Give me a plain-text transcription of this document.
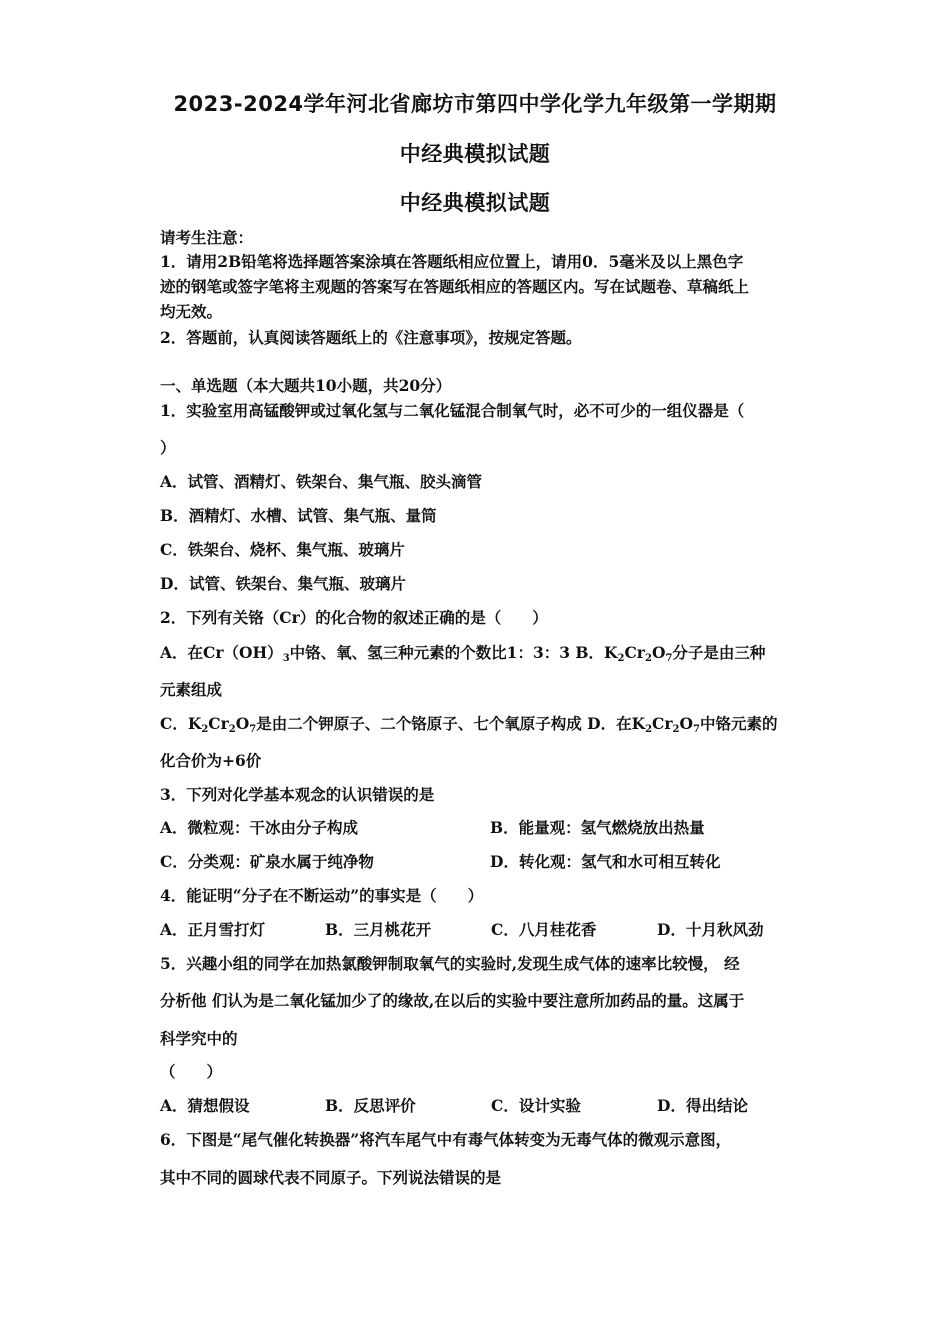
2023-2024学年河北省廊坊市第四中学化学九年级第一学期期
中经典模拟试题
中经典模拟试题
请考生注意：
1．请用2B铅笔将选择题答案涂填在答题纸相应位置上，请用0．5毫米及以上黑色字
迹的钢笔或签字笔将主观题的答案写在答题纸相应的答题区内。写在试题卷、草稿纸上
均无效。
2．答题前，认真阅读答题纸上的《注意事项》，按规定答题。
一、单选题（本大题共10小题，共20分）
1．实验室用高锰酸钾或过氧化氢与二氧化锰混合制氧气时，必不可少的一组仪器是（
）
A．试管、酒精灯、铁架台、集气瓶、胶头滴管
B．酒精灯、水槽、试管、集气瓶、量筒
C．铁架台、烧杯、集气瓶、玻璃片
D．试管、铁架台、集气瓶、玻璃片
2．下列有关铬（Cr）的化合物的叙述正确的是（　　）
A．在$Cr(OH)_3$中铬、氧、氢三种元素的个数比1：3：3 B．$K_2Cr_2O_7$分子是由三种
元素组成
C．$K_2Cr_2O_7$是由二个钾原子、二个铬原子、七个氧原子构成 D．在$K_2Cr_2O_7$中铬元素的
化合价为+6价
3．下列对化学基本观念的认识错误的是
A．微粒观：干冰由分子构成	B．能量观：氢气燃烧放出热量
C．分类观：矿泉水属于纯净物	D．转化观：氢气和水可相互转化
4．能证明“分子在不断运动”的事实是（　　）
A．正月雪打灯	B．三月桃花开	C．八月桂花香	D．十月秋风劲
5．兴趣小组的同学在加热氯酸钾制取氧气的实验时,发现生成气体的速率比较慢， 经
分析他 们认为是二氧化锰加少了的缘故,在以后的实验中要注意所加药品的量。这属于
科学究中的
（　　）
A．猜想假设	B．反思评价	C．设计实验	D．得出结论
6．下图是“尾气催化转换器”将汽车尾气中有毒气体转变为无毒气体的微观示意图，
其中不同的圆球代表不同原子。下列说法错误的是
